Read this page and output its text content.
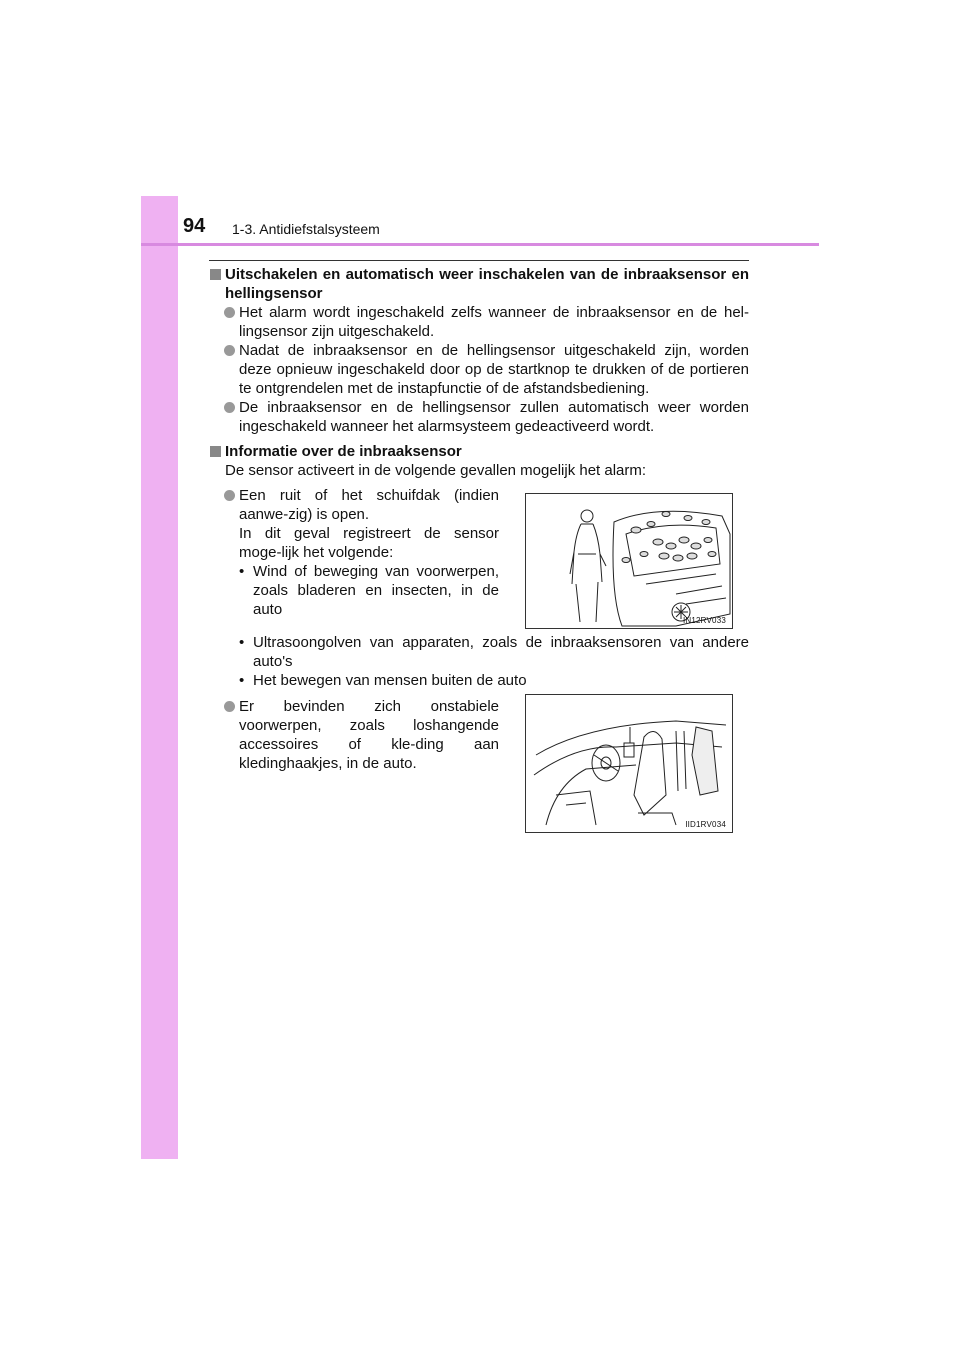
94 1-3. Antidiefstalsysteem

Uitschakelen en automatisch weer inschakelen van de inbraaksensor en hellingsensor

Het alarm wordt ingeschakeld zelfs wanneer de inbraaksensor en de hel-lingsensor zijn uitgeschakeld.

Nadat de inbraaksensor en de hellingsensor uitgeschakeld zijn, worden deze opnieuw ingeschakeld door op de startknop te drukken of de portieren te ontgrendelen met de instapfunctie of de afstandsbediening.

De inbraaksensor en de hellingsensor zullen automatisch weer worden ingeschakeld wanneer het alarmsysteem gedeactiveerd wordt.

Informatie over de inbraaksensor

De sensor activeert in de volgende gevallen mogelijk het alarm:

Een ruit of het schuifdak (indien aanwe-zig) is open.

In dit geval registreert de sensor moge-lijk het volgende:

• Wind of beweging van voorwerpen, zoals bladeren en insecten, in de auto

• Ultrasoongolven van apparaten, zoals de inbraaksensoren van andere auto's

• Het bewegen van mensen buiten de auto

Er bevinden zich onstabiele voorwerpen, zoals loshangende accessoires of kle-ding aan kledinghaakjes, in de auto.

IN12RV033
IID1RV034
